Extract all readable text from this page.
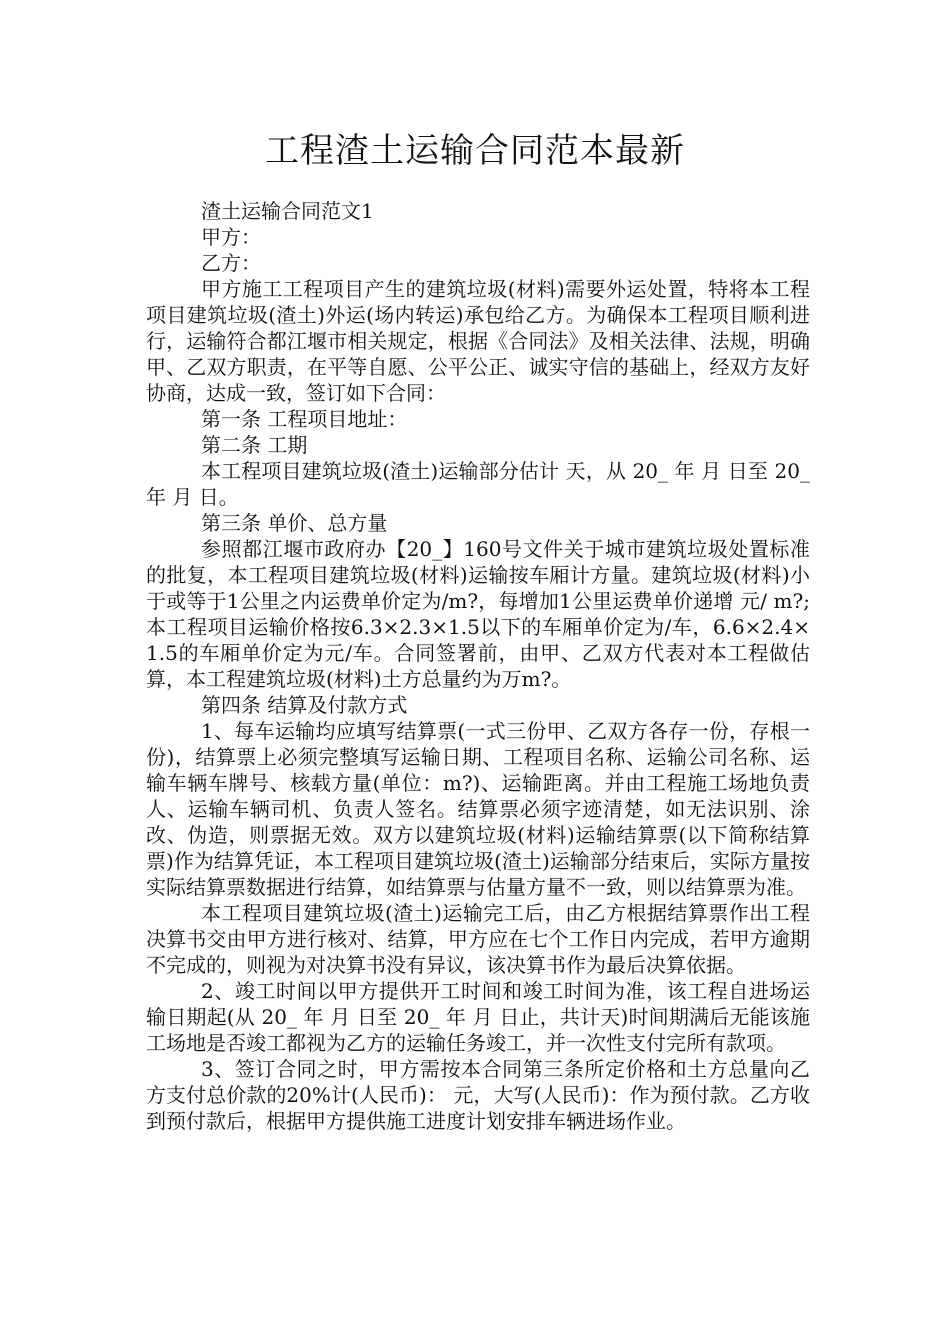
工程渣土运输合同范本最新

渣土运输合同范文1

甲方：

乙方：

甲方施工工程项目产生的建筑垃圾(材料)需要外运处置，特将本工程项目建筑垃圾(渣土)外运(场内转运)承包给乙方。为确保本工程项目顺利进行，运输符合都江堰市相关规定，根据《合同法》及相关法律、法规，明确甲、乙双方职责，在平等自愿、公平公正、诚实守信的基础上，经双方友好协商，达成一致，签订如下合同：

第一条 工程项目地址：

第二条 工期

本工程项目建筑垃圾(渣土)运输部分估计 天，从 20_ 年 月 日至 20_ 年 月 日。

第三条 单价、总方量

参照都江堰市政府办【20_】160号文件关于城市建筑垃圾处置标准的批复，本工程项目建筑垃圾(材料)运输按车厢计方量。建筑垃圾(材料)小于或等于1公里之内运费单价定为/m?，每增加1公里运费单价递增 元/ m?;本工程项目运输价格按6.3×2.3×1.5以下的车厢单价定为/车，6.6×2.4×1.5的车厢单价定为元/车。合同签署前，由甲、乙双方代表对本工程做估算，本工程建筑垃圾(材料)土方总量约为万m?。

第四条 结算及付款方式

1、每车运输均应填写结算票(一式三份甲、乙双方各存一份，存根一份)，结算票上必须完整填写运输日期、工程项目名称、运输公司名称、运输车辆车牌号、核载方量(单位：m?)、运输距离。并由工程施工场地负责人、运输车辆司机、负责人签名。结算票必须字迹清楚，如无法识别、涂改、伪造，则票据无效。双方以建筑垃圾(材料)运输结算票(以下简称结算票)作为结算凭证，本工程项目建筑垃圾(渣土)运输部分结束后，实际方量按实际结算票数据进行结算，如结算票与估量方量不一致，则以结算票为准。

本工程项目建筑垃圾(渣土)运输完工后，由乙方根据结算票作出工程决算书交由甲方进行核对、结算，甲方应在七个工作日内完成，若甲方逾期不完成的，则视为对决算书没有异议，该决算书作为最后决算依据。

2、竣工时间以甲方提供开工时间和竣工时间为准，该工程自进场运输日期起(从 20_ 年 月 日至 20_ 年 月 日止，共计天)时间期满后无能该施工场地是否竣工都视为乙方的运输任务竣工，并一次性支付完所有款项。

3、签订合同之时，甲方需按本合同第三条所定价格和土方总量向乙方支付总价款的20%计(人民币)： 元，大写(人民币)：作为预付款。乙方收到预付款后，根据甲方提供施工进度计划安排车辆进场作业。
